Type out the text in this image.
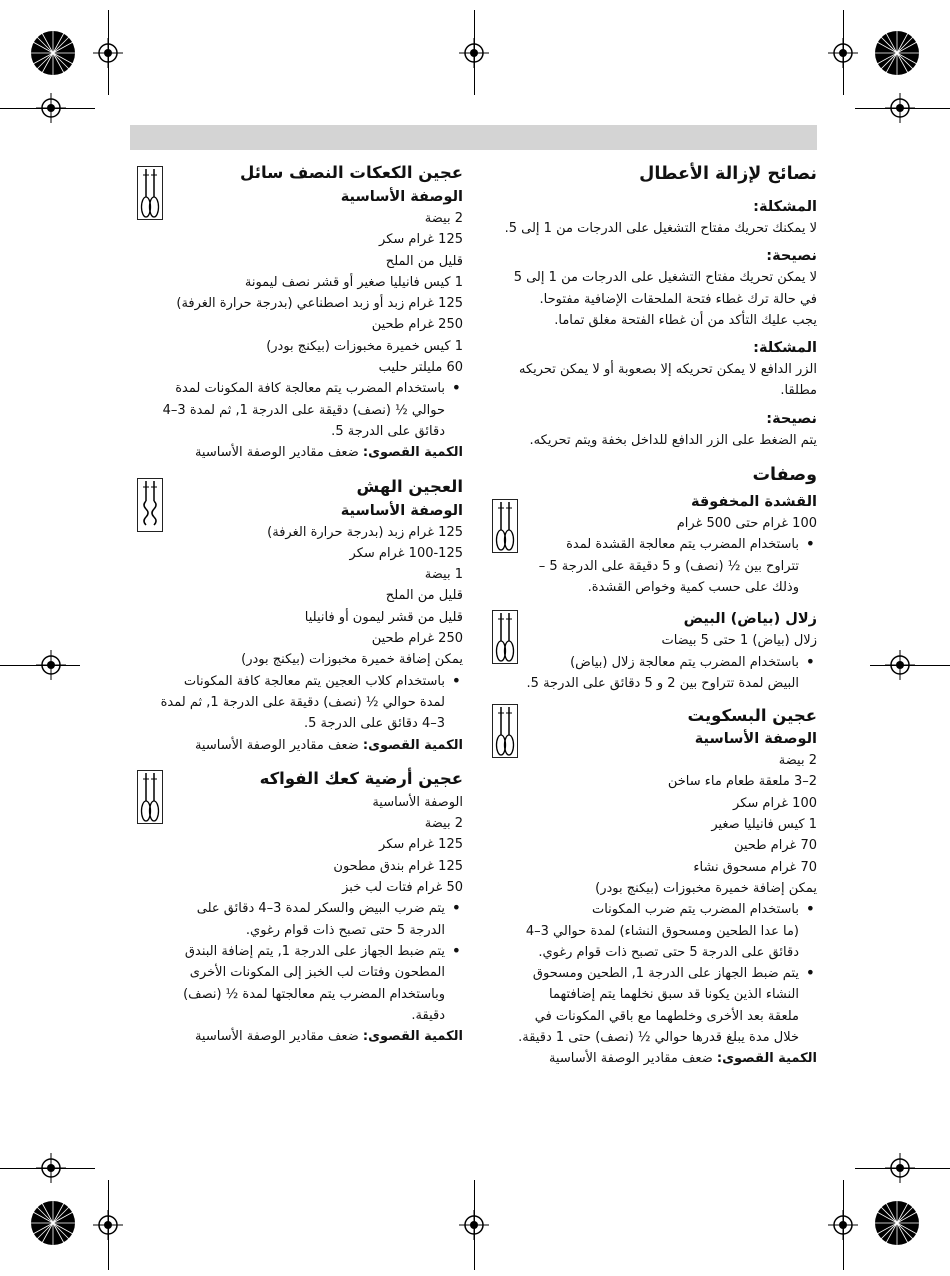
نصائح لإزالة الأعطال
المشكلة:

لا يمكنك تحريك مفتاح التشغيل على الدرجات من 1 إلى 5.

نصيحة:

لا يمكن تحريك مفتاح التشغيل على الدرجات من 1 إلى 5

في حالة ترك غطاء فتحة الملحقات الإضافية مفتوحا.

يجب عليك التأكد من أن غطاء الفتحة مغلق تماما.

المشكلة:

الزر الدافع لا يمكن تحريكه إلا بصعوبة أو لا يمكن تحريكه

مطلقا.

نصيحة:

يتم الضغط على الزر الدافع للداخل بخفة ويتم تحريكه.

وصفات
القشدة المخفوقة

100 غرام حتى 500 غرام

• باستخدام المضرب يتم معالجة القشدة لمدة

تتراوح بين ½ (نصف) و 5 دقيقة على الدرجة 5 –

وذلك على حسب كمية وخواص القشدة.

زلال (بياض) البيض

زلال (بياض) 1 حتى 5 بيضات

• باستخدام المضرب يتم معالجة زلال (بياض)

البيض لمدة تتراوح بين 2 و 5 دقائق على الدرجة 5.

عجين البسكويت
الوصفة الأساسية

2 بيضة

2–3 ملعقة طعام ماء ساخن

100 غرام سكر

1 كيس فانيليا صغير

70 غرام طحين

70 غرام مسحوق نشاء

يمكن إضافة خميرة مخبوزات (بيكنج بودر)

• باستخدام المضرب يتم ضرب المكونات

(ما عدا الطحين ومسحوق النشاء) لمدة حوالي 3–4

دقائق على الدرجة 5 حتى تصبح ذات قوام رغوي.

• يتم ضبط الجهاز على الدرجة 1, الطحين ومسحوق

النشاء الذين يكونا قد سبق نخلهما يتم إضافتهما

ملعقة بعد الأخرى وخلطهما مع باقي المكونات في

خلال مدة يبلغ قدرها حوالي ½ (نصف) حتى 1 دقيقة.

الكمية القصوى: ضعف مقادير الوصفة الأساسية

عجين الكعكات النصف سائل
الوصفة الأساسية

2 بيضة

125 غرام سكر

قليل من الملح

1 كيس فانيليا صغير أو قشر نصف ليمونة

125 غرام زبد أو زبد اصطناعي (بدرجة حرارة الغرفة)

250 غرام طحين

1 كيس خميرة مخبوزات (بيكنج بودر)

60 مليلتر حليب

• باستخدام المضرب يتم معالجة كافة المكونات لمدة

حوالي ½ (نصف) دقيقة على الدرجة 1, ثم لمدة 3–4

دقائق على الدرجة 5.

الكمية القصوى: ضعف مقادير الوصفة الأساسية

العجين الهش
الوصفة الأساسية

125 غرام زبد (بدرجة حرارة الغرفة)

100-125 غرام سكر

1 بيضة

قليل من الملح

قليل من قشر ليمون أو فانيليا

250 غرام طحين

يمكن إضافة خميرة مخبوزات (بيكنج بودر)

• باستخدام كلاب العجين يتم معالجة كافة المكونات

لمدة حوالي ½ (نصف) دقيقة على الدرجة 1, ثم لمدة

3–4 دقائق على الدرجة 5.

الكمية القصوى: ضعف مقادير الوصفة الأساسية

عجين أرضية كعك الفواكه

الوصفة الأساسية

2 بيضة

125 غرام سكر

125 غرام بندق مطحون

50 غرام فتات لب خبز

• يتم ضرب البيض والسكر لمدة 3–4 دقائق على

الدرجة 5 حتى تصبح ذات قوام رغوي.

• يتم ضبط الجهاز على الدرجة 1, يتم إضافة البندق

المطحون وفتات لب الخبز إلى المكونات الأخرى

وباستخدام المضرب يتم معالجتها لمدة ½ (نصف)

دقيقة.

الكمية القصوى: ضعف مقادير الوصفة الأساسية
